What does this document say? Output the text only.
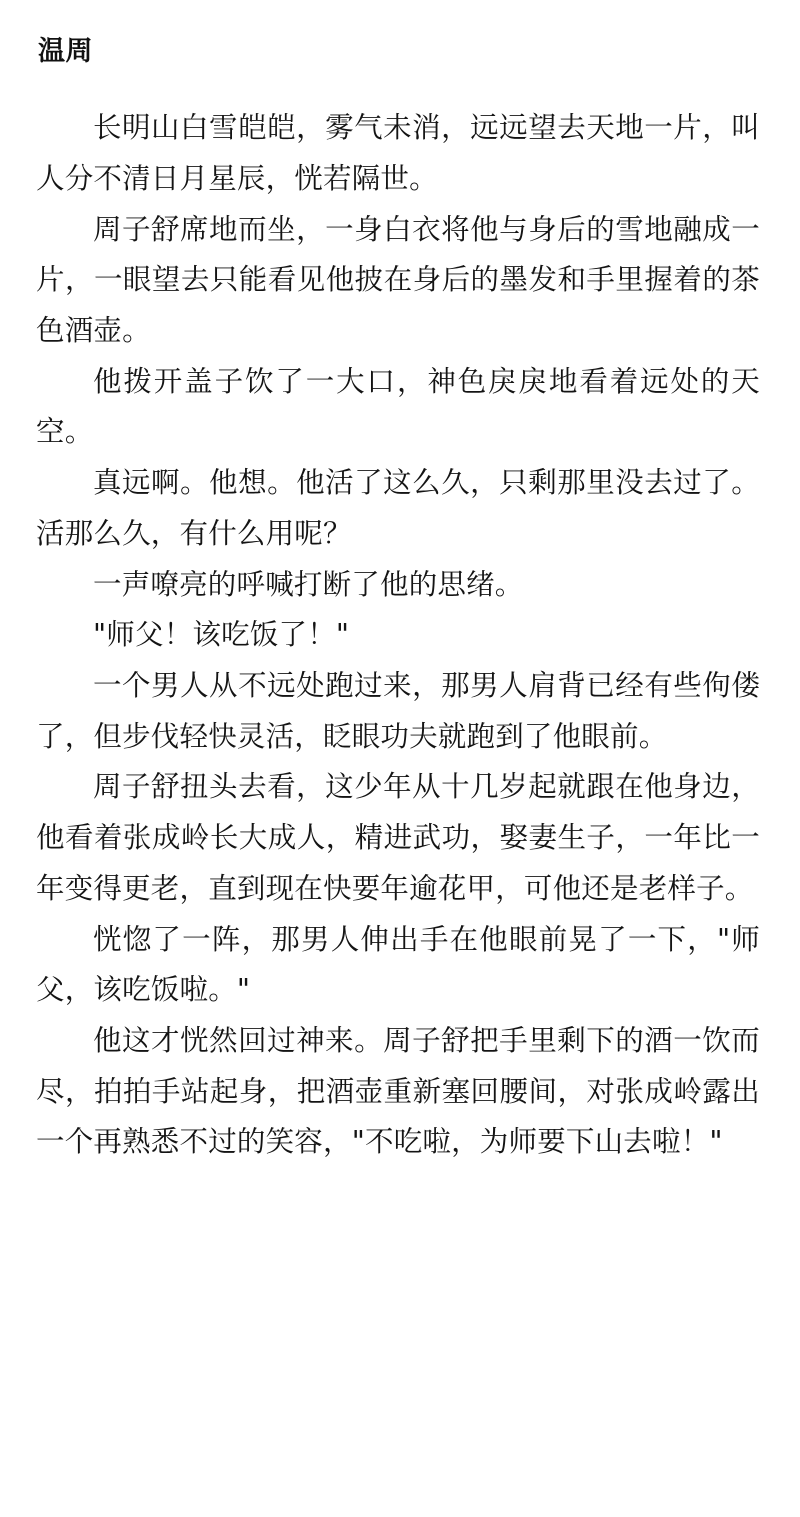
温周

长明山白雪皑皑，雾气未消，远远望去天地一片，叫人分不清日月星辰，恍若隔世。

周子舒席地而坐，一身白衣将他与身后的雪地融成一片，一眼望去只能看见他披在身后的墨发和手里握着的茶色酒壶。

他拨开盖子饮了一大口，神色戾戾地看着远处的天空。

真远啊。他想。他活了这么久，只剩那里没去过了。活那么久，有什么用呢？

一声嘹亮的呼喊打断了他的思绪。

"师父！该吃饭了！"

一个男人从不远处跑过来，那男人肩背已经有些佝偻了，但步伐轻快灵活，眨眼功夫就跑到了他眼前。

周子舒扭头去看，这少年从十几岁起就跟在他身边，他看着张成岭长大成人，精进武功，娶妻生子，一年比一年变得更老，直到现在快要年逾花甲，可他还是老样子。

恍惚了一阵，那男人伸出手在他眼前晃了一下，"师父，该吃饭啦。"

他这才恍然回过神来。周子舒把手里剩下的酒一饮而尽，拍拍手站起身，把酒壶重新塞回腰间，对张成岭露出一个再熟悉不过的笑容，"不吃啦，为师要下山去啦！"
